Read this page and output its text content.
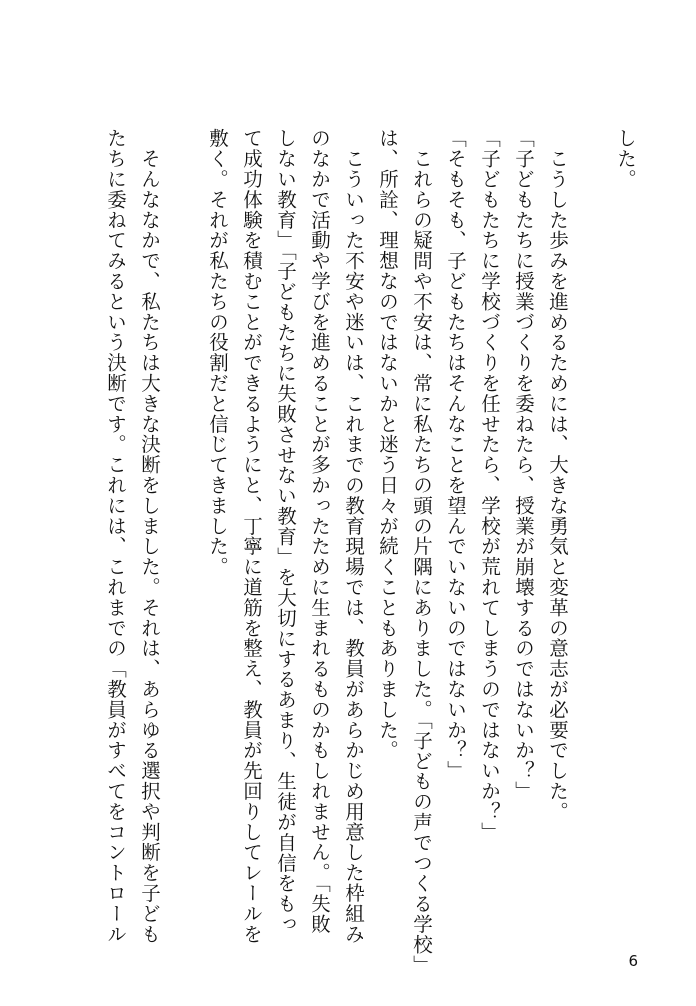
した。
　こうした歩みを進めるためには、大きな勇気と変革の意志が必要でした。
「子どもたちに授業づくりを委ねたら、授業が崩壊するのではないか？」
「子どもたちに学校づくりを任せたら、学校が荒れてしまうのではないか？」
「そもそも、子どもたちはそんなことを望んでいないのではないか？」
　これらの疑問や不安は、常に私たちの頭の片隅にありました。「子どもの声でつくる学校」
は、所詮、理想なのではないかと迷う日々が続くこともありました。
　こういった不安や迷いは、これまでの教育現場では、教員があらかじめ用意した枠組み
のなかで活動や学びを進めることが多かったために生まれるものかもしれません。「失敗
しない教育」「子どもたちに失敗させない教育」を大切にするあまり、生徒が自信をもっ
て成功体験を積むことができるようにと、丁寧に道筋を整え、教員が先回りしてレールを
敷く。それが私たちの役割だと信じてきました。
　そんななかで、私たちは大きな決断をしました。それは、あらゆる選択や判断を子ども
たちに委ねてみるという決断です。これには、これまでの「教員がすべてをコントロール
6
